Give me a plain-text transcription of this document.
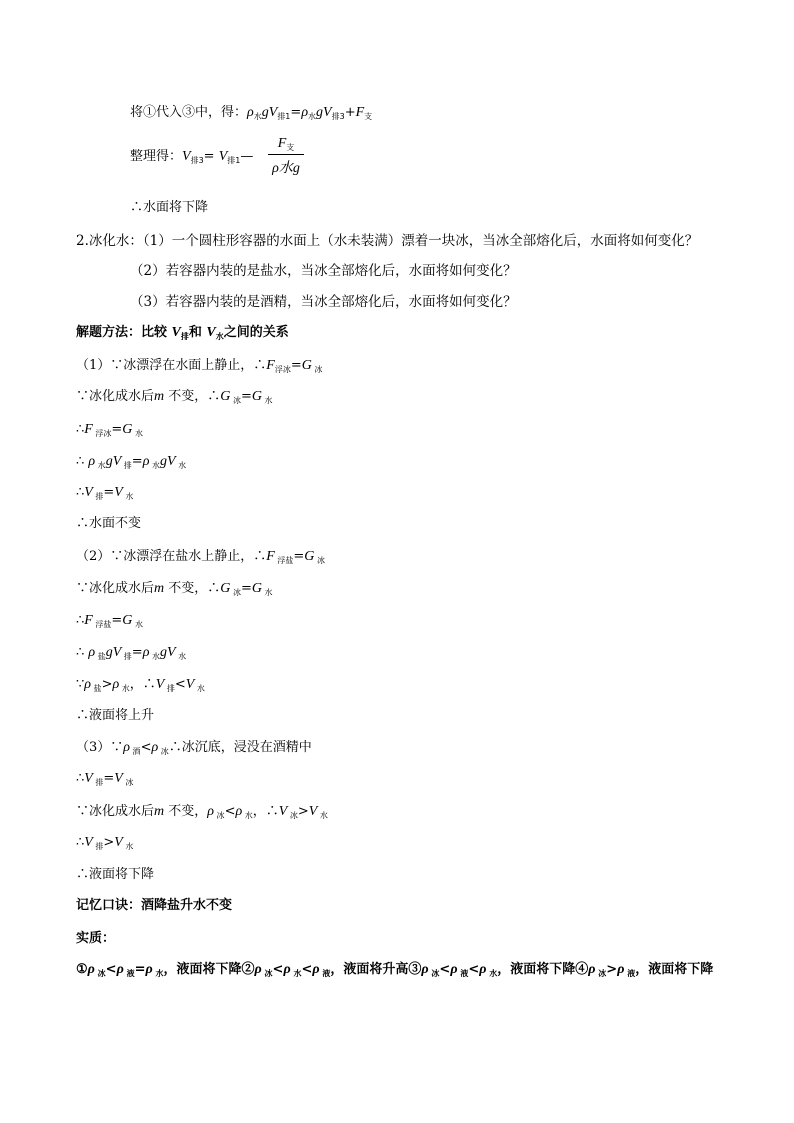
将①代入③中，得：$\rho_水gV_{排1}=\rho_水gV_{排3}+F_支$
整理得：$V_{排3}=$ $V_{排1}—$
$F_支$
ρ水g
∴水面将下降
2.冰化水：（1）一个圆柱形容器的水面上（水未装满）漂着一块冰，当冰全部熔化后，水面将如何变化？
（2）若容器内装的是盐水，当冰全部熔化后，水面将如何变化？
（3）若容器内装的是酒精，当冰全部熔化后，水面将如何变化？
解题方法：比较 $V_排$和 $V_水$之间的关系
（1）∵冰漂浮在水面上静止，$\therefore F_{浮冰}=G$ $_冰$
∵冰化成水后m 不变，∴G $_冰$=G $_水$
∴F $_{浮冰}$=G $_水$
∴ ρ $_水$gV $_排$=ρ $_水$gV $_水$
∴V $_排$=V $_水$
∴水面不变
（2）∵冰漂浮在盐水上静止，∴F $_{浮盐}$=G $_冰$
∵冰化成水后m 不变，∴G $_冰$=G $_水$
∴F $_{浮盐}$=G $_水$
∴ ρ $_盐$gV $_排$=ρ $_水$gV $_水$
∵ρ $_盐$>ρ $_水$，∴V $_排$<V $_水$
∴液面将上升
（3）∵ρ $_酒$<ρ $_冰$∴冰沉底，浸没在酒精中
∴V $_排$=V $_冰$
∵冰化成水后m 不变，ρ $_冰$<ρ $_水$，∴V $_冰$>V $_水$
∴V $_排$>V $_水$
∴液面将下降
记忆口诀：酒降盐升水不变
实质：
①ρ $_冰$<ρ $_液$=ρ $_水$，液面将下降②ρ $_冰$<ρ $_水$<ρ $_液$，液面将升高③ρ $_冰$<ρ $_液$<ρ $_水$，液面将下降④ρ $_冰$>ρ $_液$，液面将下降
